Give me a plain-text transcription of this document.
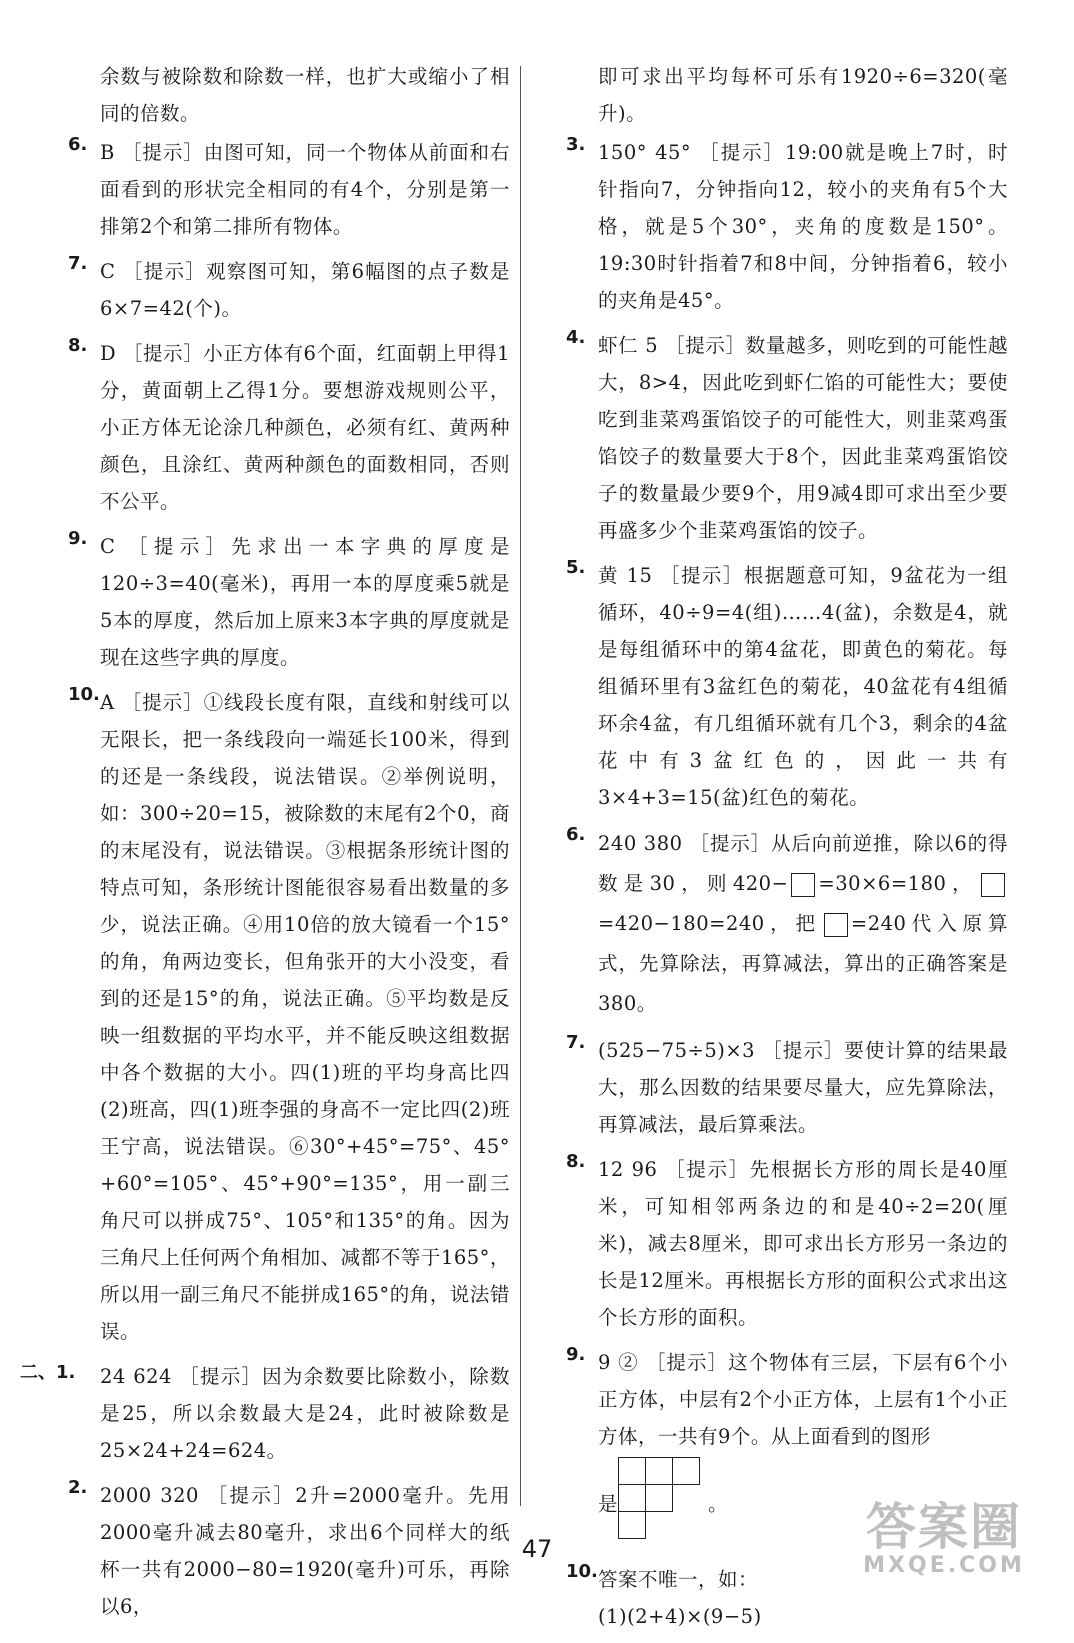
余数与被除数和除数一样，也扩大或缩小了相同的倍数。

6. B ［提示］由图可知，同一个物体从前面和右面看到的形状完全相同的有4个，分别是第一排第2个和第二排所有物体。

7. C ［提示］观察图可知，第6幅图的点子数是6×7=42(个)。

8. D ［提示］小正方体有6个面，红面朝上甲得1分，黄面朝上乙得1分。要想游戏规则公平，小正方体无论涂几种颜色，必须有红、黄两种颜色，且涂红、黄两种颜色的面数相同，否则不公平。

9. C ［提示］先求出一本字典的厚度是120÷3=40(毫米)，再用一本的厚度乘5就是5本的厚度，然后加上原来3本字典的厚度就是现在这些字典的厚度。

10. A ［提示］①线段长度有限，直线和射线可以无限长，把一条线段向一端延长100米，得到的还是一条线段，说法错误。②举例说明，如：300÷20=15，被除数的末尾有2个0，商的末尾没有，说法错误。③根据条形统计图的特点可知，条形统计图能很容易看出数量的多少，说法正确。④用10倍的放大镜看一个15°的角，角两边变长，但角张开的大小没变，看到的还是15°的角，说法正确。⑤平均数是反映一组数据的平均水平，并不能反映这组数据中各个数据的大小。四(1)班的平均身高比四(2)班高，四(1)班李强的身高不一定比四(2)班王宁高，说法错误。⑥30°+45°=75°、45°+60°=105°、45°+90°=135°，用一副三角尺可以拼成75°、105°和135°的角。因为三角尺上任何两个角相加、减都不等于165°，所以用一副三角尺不能拼成165°的角，说法错误。

二、1.	24 624 ［提示］因为余数要比除数小，除数是25，所以余数最大是24，此时被除数是25×24+24=624。

2. 2000 320 ［提示］2升=2000毫升。先用2000毫升减去80毫升，求出6个同样大的纸杯一共有2000−80=1920(毫升)可乐，再除以6，

即可求出平均每杯可乐有1920÷6=320(毫升)。

3. 150° 45° ［提示］19:00就是晚上7时，时针指向7，分钟指向12，较小的夹角有5个大格，就是5个30°，夹角的度数是150°。19:30时针指着7和8中间，分钟指着6，较小的夹角是45°。

4. 虾仁 5 ［提示］数量越多，则吃到的可能性越大，8>4，因此吃到虾仁馅的可能性大；要使吃到韭菜鸡蛋馅饺子的可能性大，则韭菜鸡蛋馅饺子的数量要大于8个，因此韭菜鸡蛋馅饺子的数量最少要9个，用9减4即可求出至少要再盛多少个韭菜鸡蛋馅的饺子。

5. 黄 15 ［提示］根据题意可知，9盆花为一组循环，40÷9=4(组)……4(盆)，余数是4，就是每组循环中的第4盆花，即黄色的菊花。每组循环里有3盆红色的菊花，40盆花有4组循环余4盆，有几组循环就有几个3，剩余的4盆花中有3盆红色的，因此一共有3×4+3=15(盆)红色的菊花。

6. 240 380 ［提示］从后向前逆推，除以6的得数是30，则420− =30×6=180，=420−180=240，把 =240代入原算式，先算除法，再算减法，算出的正确答案是380。

7. (525−75÷5)×3 ［提示］要使计算的结果最大，那么因数的结果要尽量大，应先算除法，再算减法，最后算乘法。

8. 12 96 ［提示］先根据长方形的周长是40厘米，可知相邻两条边的和是40÷2=20(厘米)，减去8厘米，即可求出长方形另一条边的长是12厘米。再根据长方形的面积公式求出这个长方形的面积。

9. 9 ② ［提示］这个物体有三层，下层有6个小正方体，中层有2个小正方体，上层有1个小正方体，一共有9个。从上面看到的图形

是	。

10. 答案不唯一，如：

(1)(2+4)×(9−5)

47	答案圈
MXQE.COM
